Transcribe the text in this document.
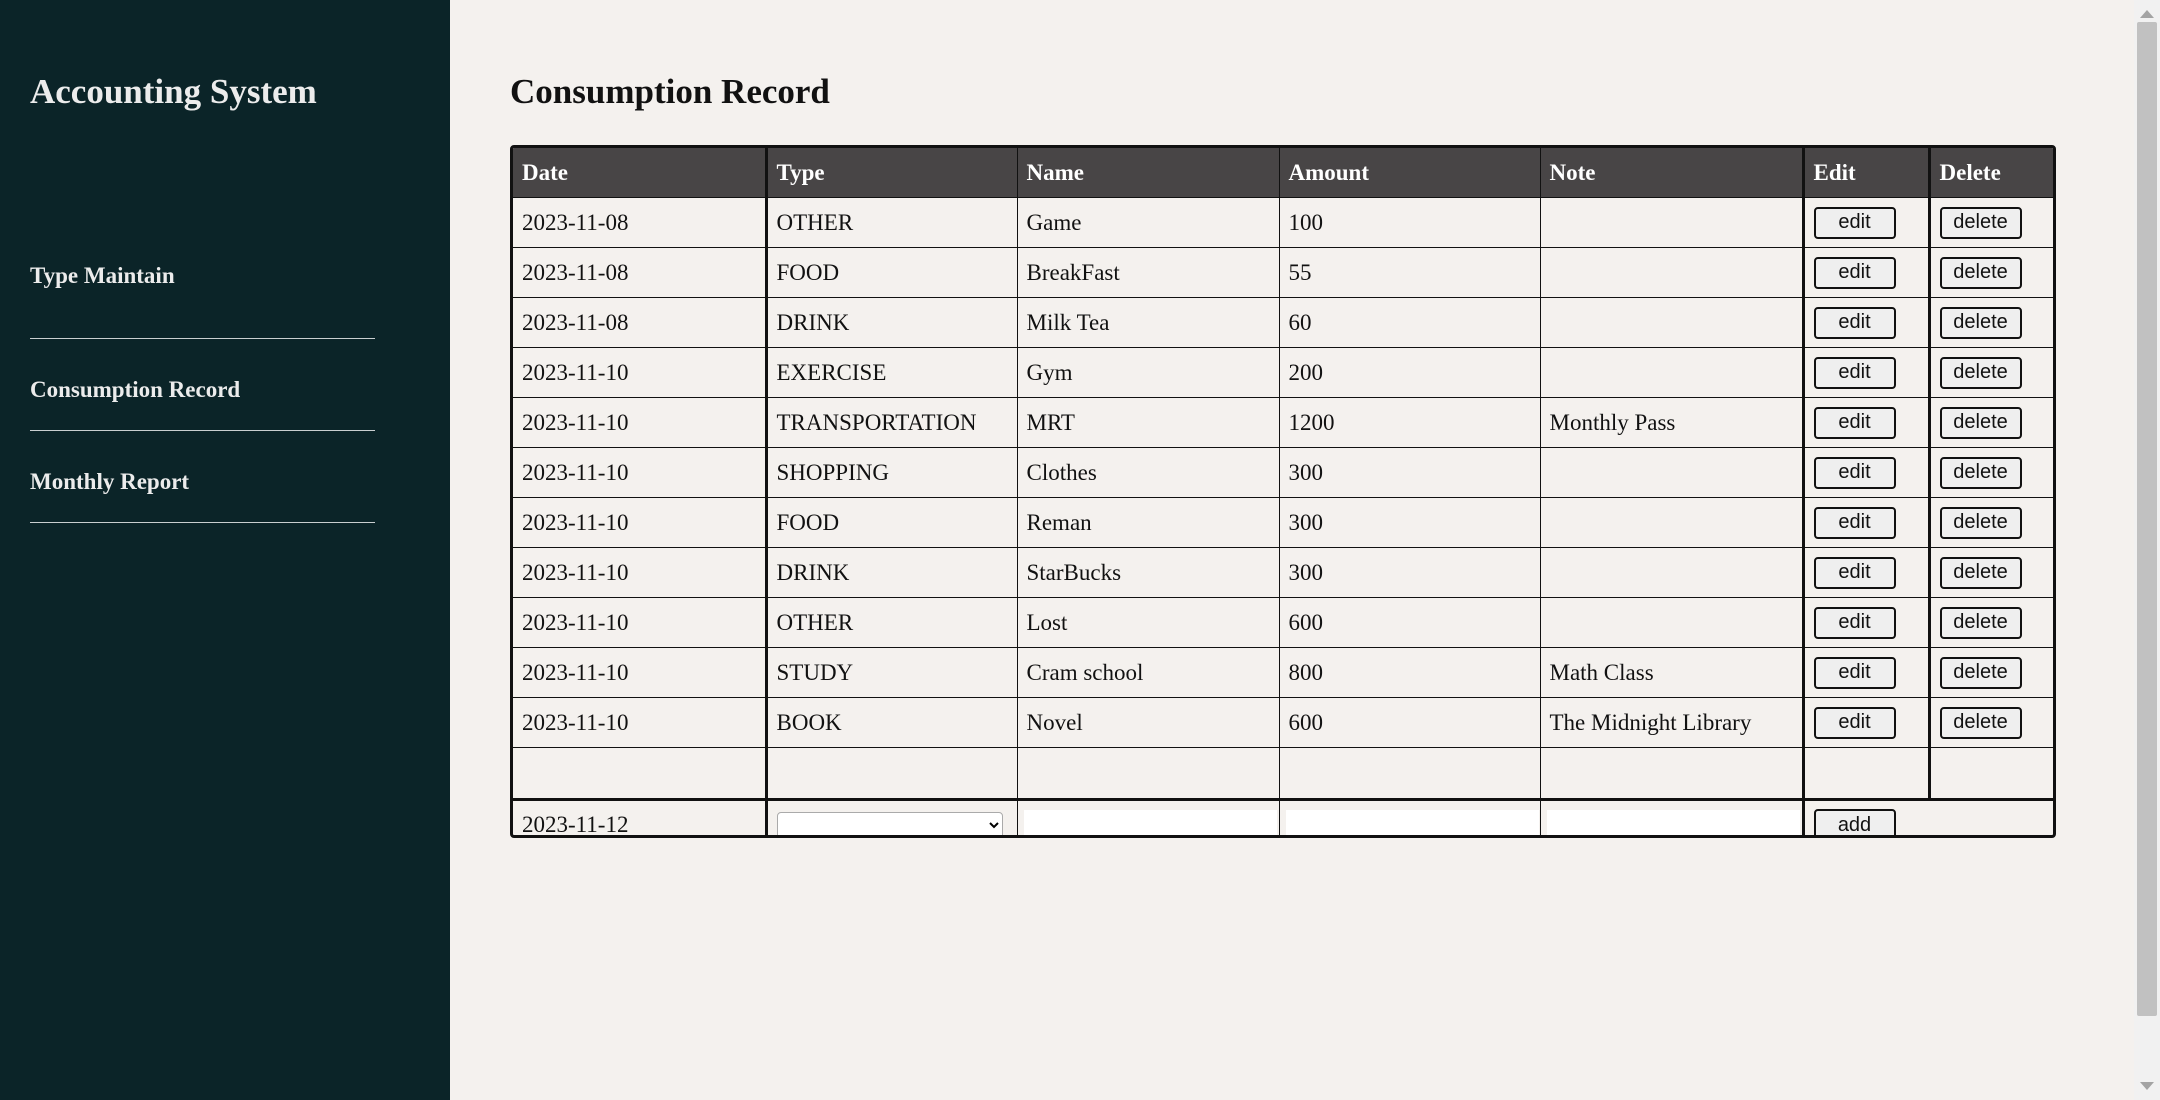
Accounting System
Type Maintain
Consumption Record
Monthly Report
Consumption Record
Date	Type	Name	Amount	Note	Edit	Delete
2023-11-08	OTHER	Game	100		edit	delete
2023-11-08	FOOD	BreakFast	55		edit	delete
2023-11-08	DRINK	Milk Tea	60		edit	delete
2023-11-10	EXERCISE	Gym	200		edit	delete
2023-11-10	TRANSPORTATION	MRT	1200	Monthly Pass	edit	delete
2023-11-10	SHOPPING	Clothes	300		edit	delete
2023-11-10	FOOD	Reman	300		edit	delete
2023-11-10	DRINK	StarBucks	300		edit	delete
2023-11-10	OTHER	Lost	600		edit	delete
2023-11-10	STUDY	Cram school	800	Math Class	edit	delete
2023-11-10	BOOK	Novel	600	The Midnight Library	edit	delete

2023-11-12					add	
